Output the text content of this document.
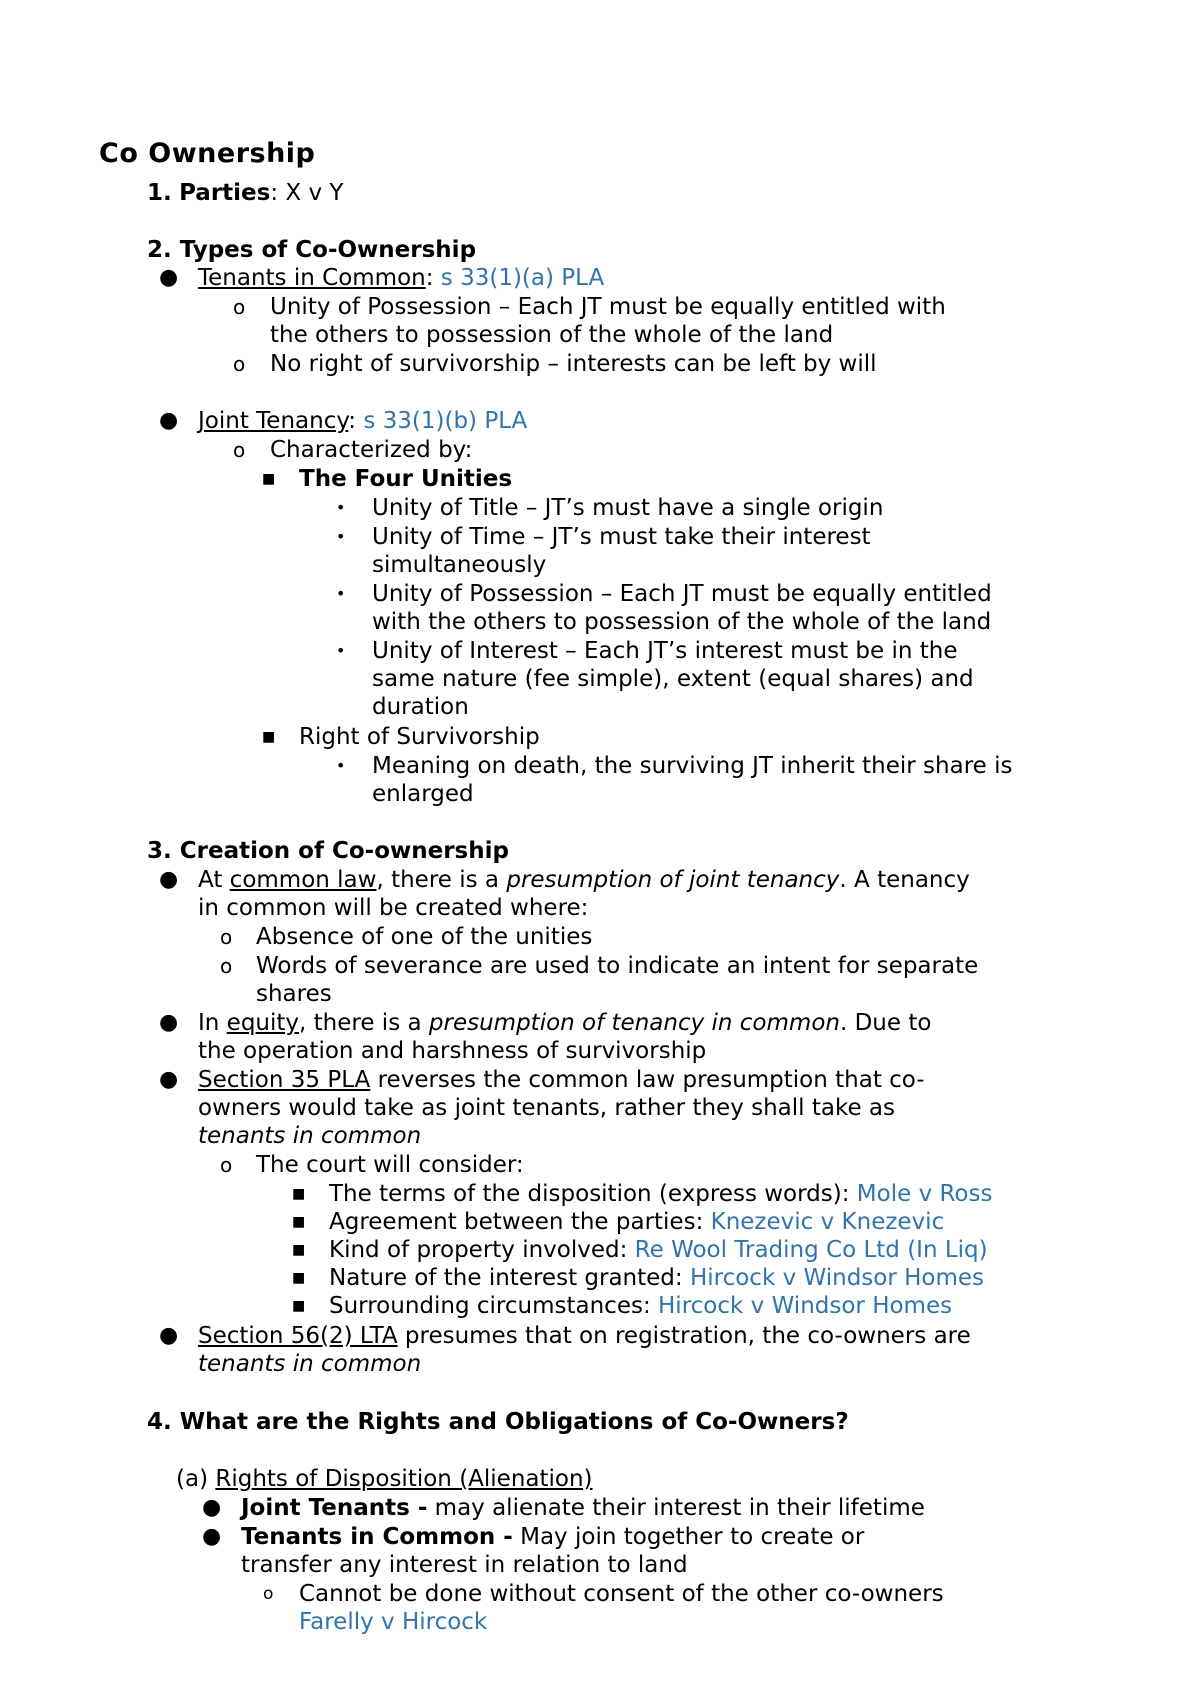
Co Ownership
1. Parties: X v Y
2. Types of Co-Ownership
● Tenants in Common: s 33(1)(a) PLA
o Unity of Possession – Each JT must be equally entitled with
the others to possession of the whole of the land
o No right of survivorship – interests can be left by will
● Joint Tenancy: s 33(1)(b) PLA
o Characterized by:
■ The Four Unities
• Unity of Title – JT’s must have a single origin
• Unity of Time – JT’s must take their interest
simultaneously
• Unity of Possession – Each JT must be equally entitled
with the others to possession of the whole of the land
• Unity of Interest – Each JT’s interest must be in the
same nature (fee simple), extent (equal shares) and
duration
■ Right of Survivorship
• Meaning on death, the surviving JT inherit their share is
enlarged
3. Creation of Co-ownership
● At common law, there is a presumption of joint tenancy. A tenancy
in common will be created where:
o Absence of one of the unities
o Words of severance are used to indicate an intent for separate
shares
● In equity, there is a presumption of tenancy in common. Due to
the operation and harshness of survivorship
● Section 35 PLA reverses the common law presumption that co-
owners would take as joint tenants, rather they shall take as
tenants in common
o The court will consider:
■ The terms of the disposition (express words): Mole v Ross
■ Agreement between the parties: Knezevic v Knezevic
■ Kind of property involved: Re Wool Trading Co Ltd (In Liq)
■ Nature of the interest granted: Hircock v Windsor Homes
■ Surrounding circumstances: Hircock v Windsor Homes
● Section 56(2) LTA presumes that on registration, the co-owners are
tenants in common
4. What are the Rights and Obligations of Co-Owners?
(a) Rights of Disposition (Alienation)
● Joint Tenants - may alienate their interest in their lifetime
● Tenants in Common - May join together to create or
transfer any interest in relation to land
o Cannot be done without consent of the other co-owners
Farelly v Hircock
